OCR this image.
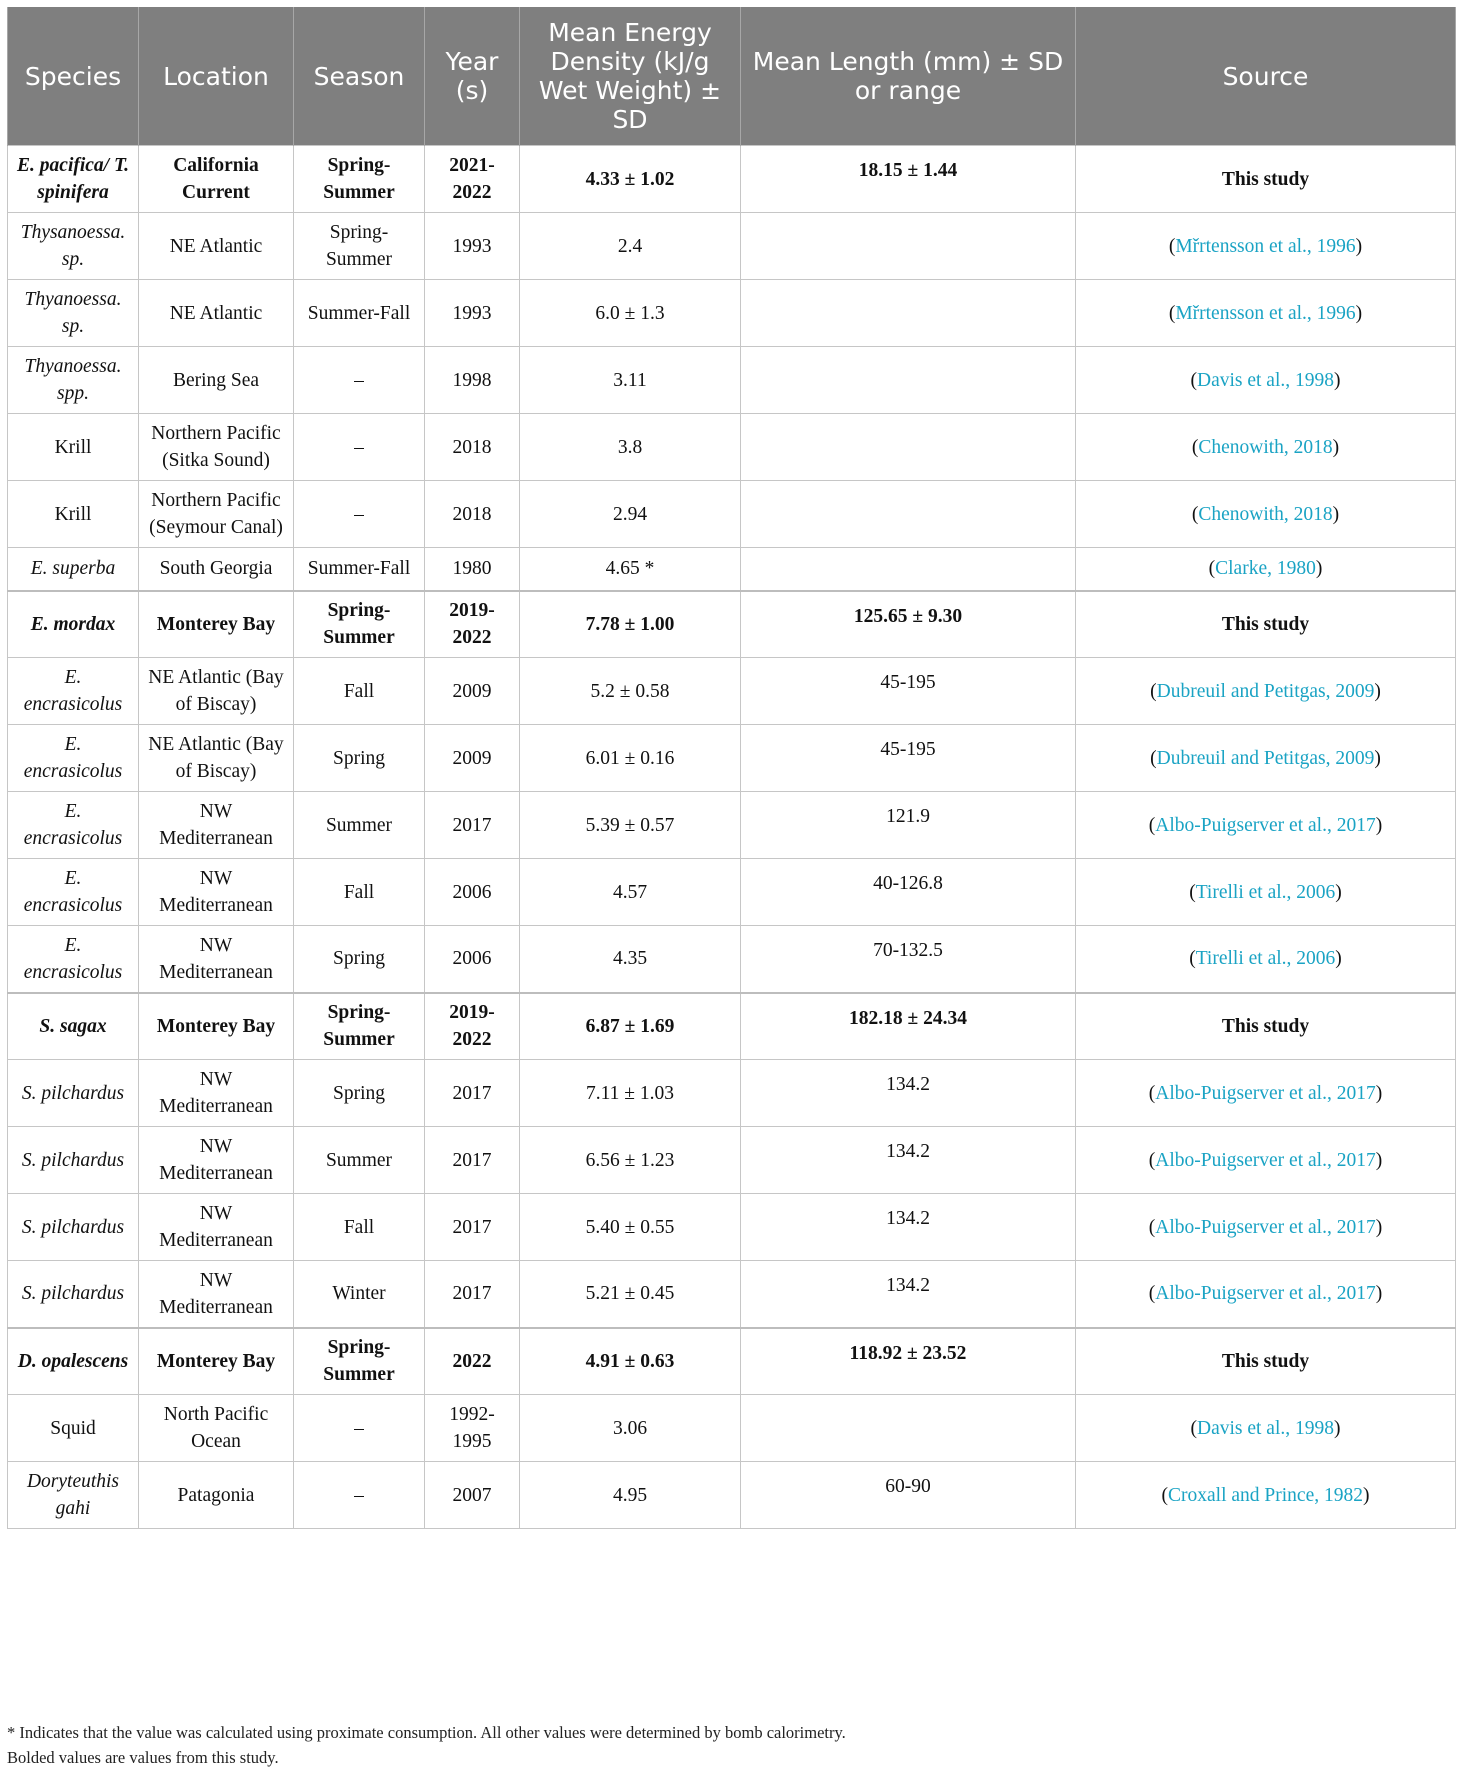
Species	Location	Season	Year (s)	Mean Energy Density (kJ/g Wet Weight) ± SD	Mean Length (mm) ± SD or range	Source
E. pacifica/ T. spinifera	California Current	Spring-Summer	2021-2022	4.33 ± 1.02	18.15 ± 1.44	This study
Thysanoessa. sp.	NE Atlantic	Spring-Summer	1993	2.4		(Mřrtensson et al., 1996)
Thyanoessa. sp.	NE Atlantic	Summer-Fall	1993	6.0 ± 1.3		(Mřrtensson et al., 1996)
Thyanoessa. spp.	Bering Sea	–	1998	3.11		(Davis et al., 1998)
Krill	Northern Pacific (Sitka Sound)	–	2018	3.8		(Chenowith, 2018)
Krill	Northern Pacific (Seymour Canal)	–	2018	2.94		(Chenowith, 2018)
E. superba	South Georgia	Summer-Fall	1980	4.65 *		(Clarke, 1980)
E. mordax	Monterey Bay	Spring-Summer	2019-2022	7.78 ± 1.00	125.65 ± 9.30	This study
E. encrasicolus	NE Atlantic (Bay of Biscay)	Fall	2009	5.2 ± 0.58	45-195	(Dubreuil and Petitgas, 2009)
E. encrasicolus	NE Atlantic (Bay of Biscay)	Spring	2009	6.01 ± 0.16	45-195	(Dubreuil and Petitgas, 2009)
E. encrasicolus	NW Mediterranean	Summer	2017	5.39 ± 0.57	121.9	(Albo-Puigserver et al., 2017)
E. encrasicolus	NW Mediterranean	Fall	2006	4.57	40-126.8	(Tirelli et al., 2006)
E. encrasicolus	NW Mediterranean	Spring	2006	4.35	70-132.5	(Tirelli et al., 2006)
S. sagax	Monterey Bay	Spring-Summer	2019-2022	6.87 ± 1.69	182.18 ± 24.34	This study
S. pilchardus	NW Mediterranean	Spring	2017	7.11 ± 1.03	134.2	(Albo-Puigserver et al., 2017)
S. pilchardus	NW Mediterranean	Summer	2017	6.56 ± 1.23	134.2	(Albo-Puigserver et al., 2017)
S. pilchardus	NW Mediterranean	Fall	2017	5.40 ± 0.55	134.2	(Albo-Puigserver et al., 2017)
S. pilchardus	NW Mediterranean	Winter	2017	5.21 ± 0.45	134.2	(Albo-Puigserver et al., 2017)
D. opalescens	Monterey Bay	Spring-Summer	2022	4.91 ± 0.63	118.92 ± 23.52	This study
Squid	North Pacific Ocean	–	1992-1995	3.06		(Davis et al., 1998)
Doryteuthis gahi	Patagonia	–	2007	4.95	60-90	(Croxall and Prince, 1982)
* Indicates that the value was calculated using proximate consumption. All other values were determined by bomb calorimetry.
Bolded values are values from this study.
